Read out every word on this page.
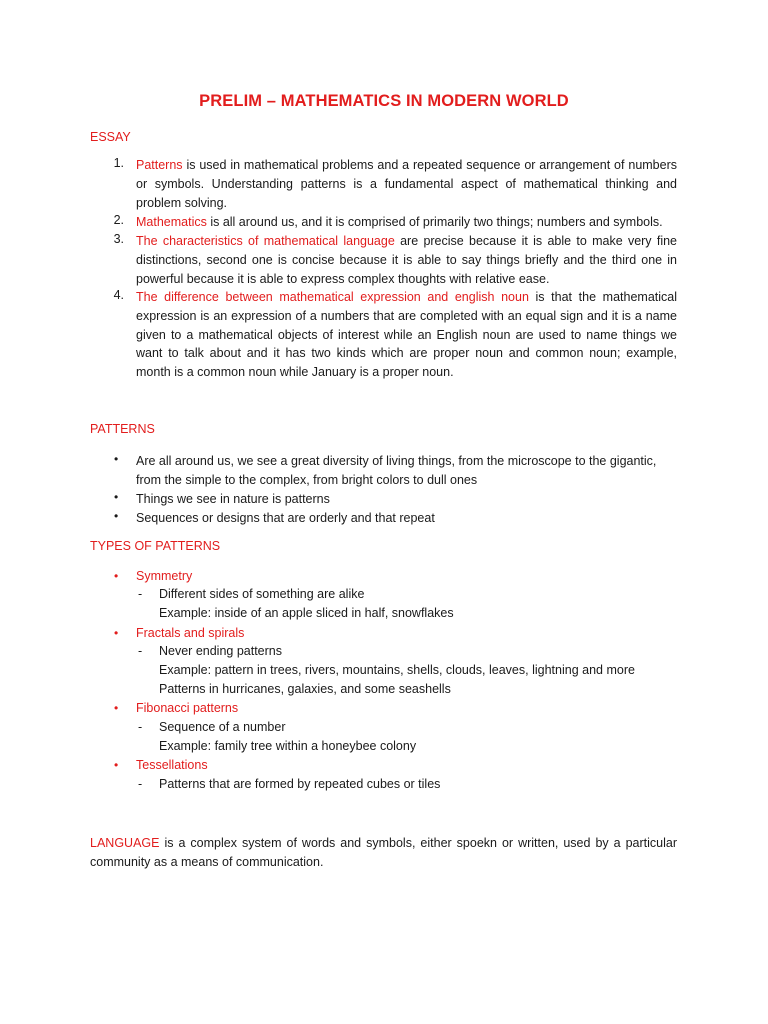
PRELIM – MATHEMATICS IN MODERN WORLD
ESSAY
1. Patterns is used in mathematical problems and a repeated sequence or arrangement of numbers or symbols. Understanding patterns is a fundamental aspect of mathematical thinking and problem solving.

2. Mathematics is all around us, and it is comprised of primarily two things; numbers and symbols.

3. The characteristics of mathematical language are precise because it is able to make very fine distinctions, second one is concise because it is able to say things briefly and the third one in powerful because it is able to express complex thoughts with relative ease.

4. The difference between mathematical expression and english noun is that the mathematical expression is an expression of a numbers that are completed with an equal sign and it is a name given to a mathematical objects of interest while an English noun are used to name things we want to talk about and it has two kinds which are proper noun and common noun; example, month is a common noun while January is a proper noun.

PATTERNS
• Are all around us, we see a great diversity of living things, from the microscope to the gigantic, from the simple to the complex, from bright colors to dull ones

• Things we see in nature is patterns

• Sequences or designs that are orderly and that repeat

TYPES OF PATTERNS
• Symmetry
- Different sides of something are alike
Example: inside of an apple sliced in half, snowflakes
• Fractals and spirals
- Never ending patterns
Example: pattern in trees, rivers, mountains, shells, clouds, leaves, lightning and more
Patterns in hurricanes, galaxies, and some seashells
• Fibonacci patterns
- Sequence of a number
Example: family tree within a honeybee colony
• Tessellations
- Patterns that are formed by repeated cubes or tiles

LANGUAGE is a complex system of words and symbols, either spoekn or written, used by a particular community as a means of communication.
